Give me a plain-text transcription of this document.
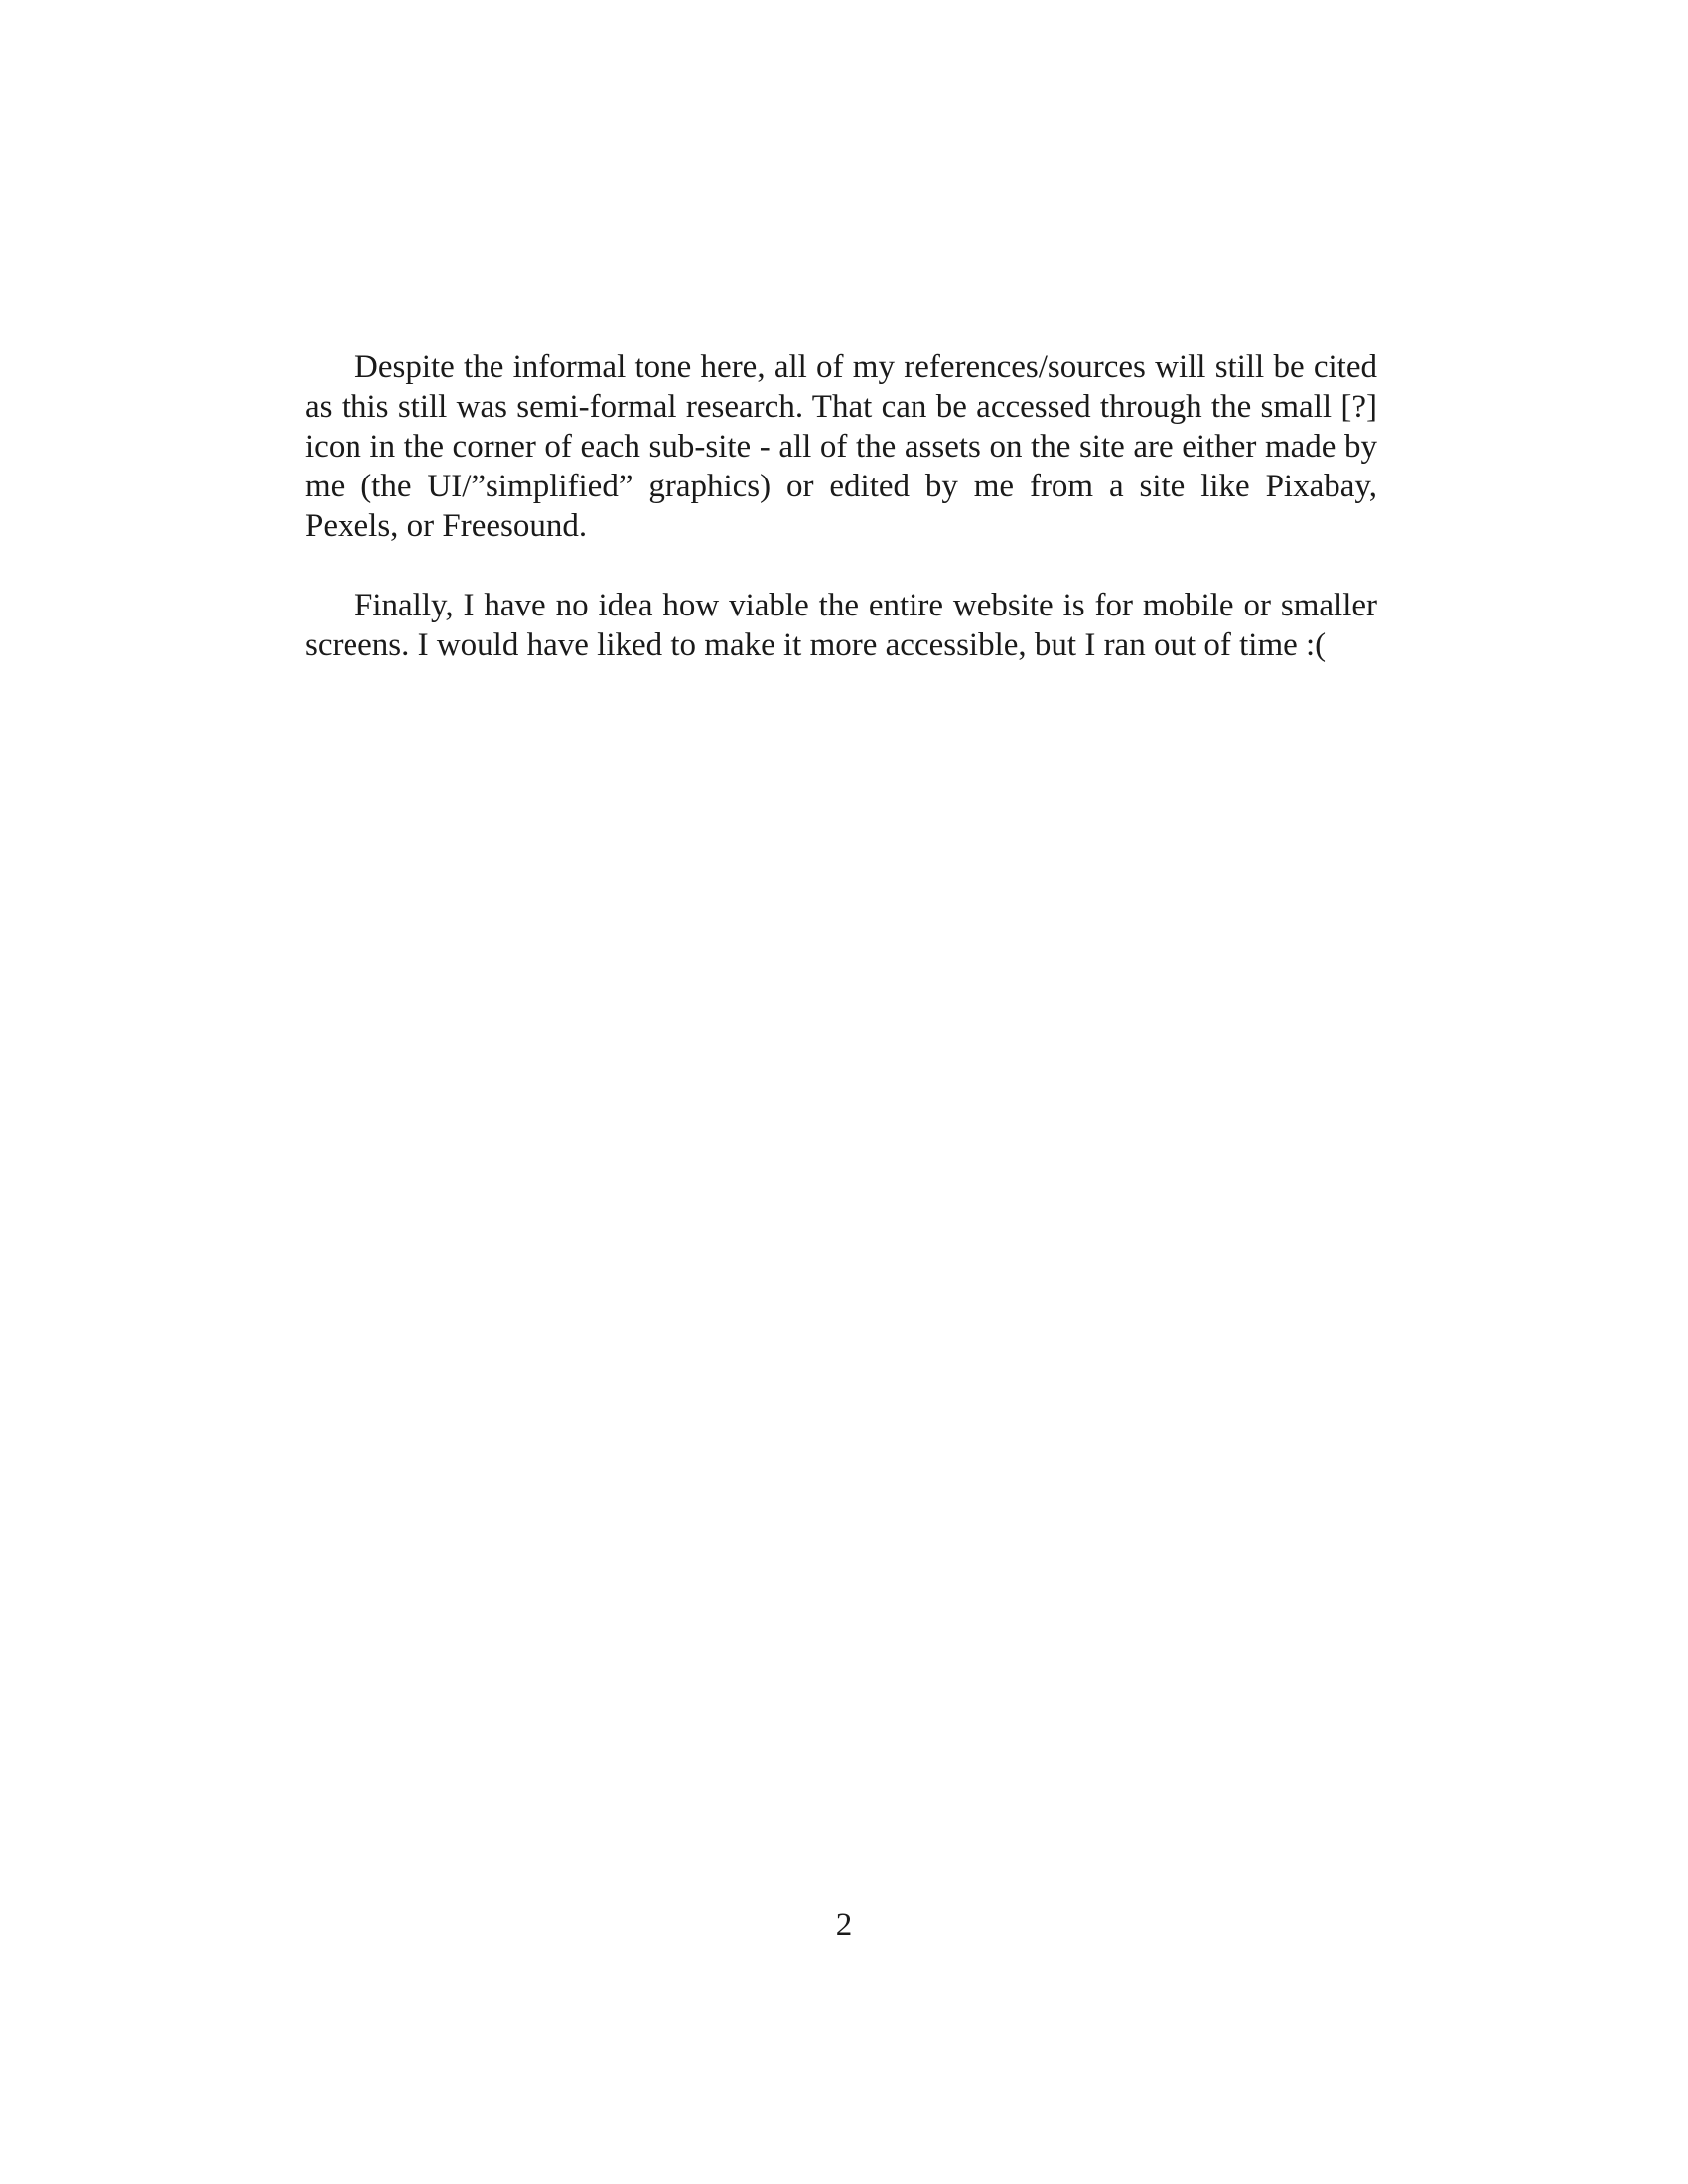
Despite the informal tone here, all of my references/sources will still be cited as this still was semi-formal research. That can be accessed through the small [?] icon in the corner of each sub-site - all of the assets on the site are either made by me (the UI/”simplified” graphics) or edited by me from a site like Pixabay, Pexels, or Freesound.

Finally, I have no idea how viable the entire website is for mobile or smaller screens. I would have liked to make it more accessible, but I ran out of time :(

2
